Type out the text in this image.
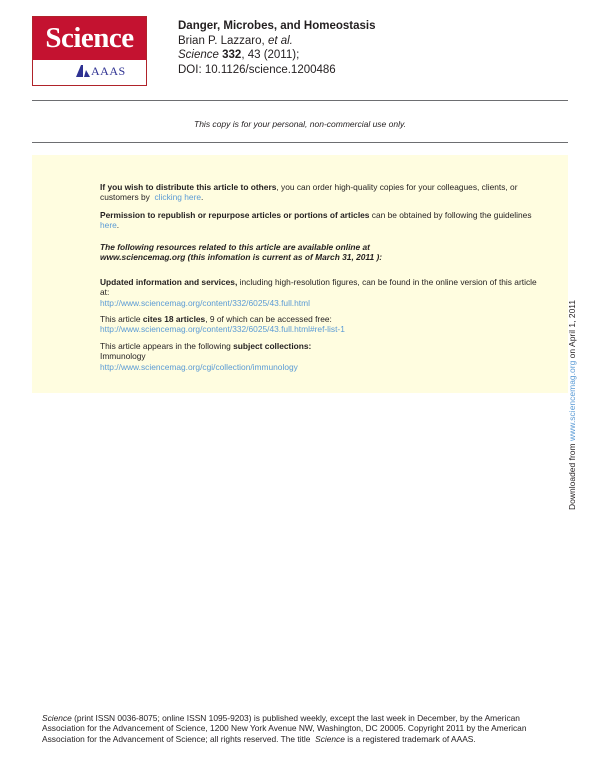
Science
AAAS
Danger, Microbes, and Homeostasis
Brian P. Lazzaro, et al.
Science 332, 43 (2011);
DOI: 10.1126/science.1200486
This copy is for your personal, non-commercial use only.
If you wish to distribute this article to others, you can order high-quality copies for your colleagues, clients, or customers by clicking here.
Permission to republish or repurpose articles or portions of articles can be obtained by following the guidelines  here.
The following resources related to this article are available online at
www.sciencemag.org (this infomation is current as of March 31, 2011 ):
Updated information and services, including high-resolution figures, can be found in the online version of this article at:
http://www.sciencemag.org/content/332/6025/43.full.html
This article cites 18 articles, 9 of which can be accessed free:
http://www.sciencemag.org/content/332/6025/43.full.html#ref-list-1
This article appears in the following subject collections:
Immunology
http://www.sciencemag.org/cgi/collection/immunology
Downloaded from www.sciencemag.org on April 1, 2011
Science (print ISSN 0036-8075; online ISSN 1095-9203) is published weekly, except the last week in December, by the American Association for the Advancement of Science, 1200 New York Avenue NW, Washington, DC 20005. Copyright 2011 by the American Association for the Advancement of Science; all rights reserved. The title Science is a registered trademark of AAAS.
